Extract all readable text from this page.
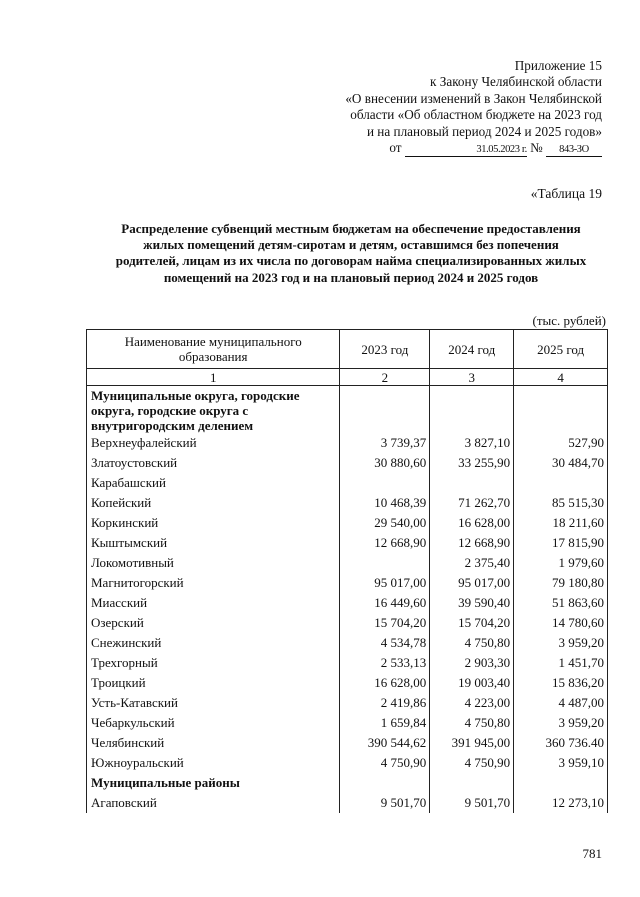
Приложение 15
к Закону Челябинской области
«О внесении изменений в Закон Челябинской
области «Об областном бюджете на 2023 год
и на плановый период 2024 и 2025 годов»
от	31.05.2023 г. № 843-ЗО
«Таблица 19
Распределение субвенций местным бюджетам на обеспечение предоставления
жилых помещений детям-сиротам и детям, оставшимся без попечения
родителей, лицам из их числа по договорам найма специализированных жилых
помещений на 2023 год и на плановый период 2024 и 2025 годов
(тыс. рублей)
Наименование муниципального образования	2023 год	2024 год	2025 год
1	2	3	4
Муниципальные округа, городские округа, городские округа с внутригородским делением			
Верхнеуфалейский	3 739,37	3 827,10	527,90
Златоустовский	30 880,60	33 255,90	30 484,70
Карабашский			
Копейский	10 468,39	71 262,70	85 515,30
Коркинский	29 540,00	16 628,00	18 211,60
Кыштымский	12 668,90	12 668,90	17 815,90
Локомотивный		2 375,40	1 979,60
Магнитогорский	95 017,00	95 017,00	79 180,80
Миасский	16 449,60	39 590,40	51 863,60
Озерский	15 704,20	15 704,20	14 780,60
Снежинский	4 534,78	4 750,80	3 959,20
Трехгорный	2 533,13	2 903,30	1 451,70
Троицкий	16 628,00	19 003,40	15 836,20
Усть-Катавский	2 419,86	4 223,00	4 487,00
Чебаркульский	1 659,84	4 750,80	3 959,20
Челябинский	390 544,62	391 945,00	360 736.40
Южноуральский	4 750,90	4 750,90	3 959,10
Муниципальные районы			
Агаповский	9 501,70	9 501,70	12 273,10
781
